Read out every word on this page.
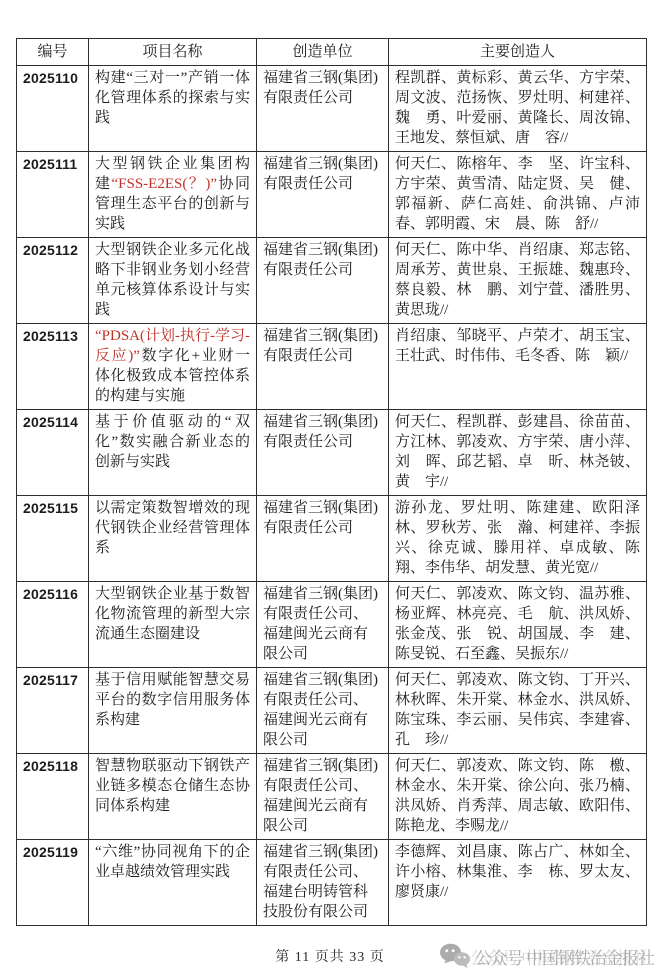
编号	项目名称	创造单位	主要创造人
2025110	构建“三对一”产销一体化管理体系的探索与实践	福建省三钢(集团)有限责任公司	程凯群、黄标彩、黄云华、方宇荣、周文波、范扬恢、罗灶明、柯建祥、魏　勇、叶爱丽、黄隆长、周汝锦、王地发、蔡恒斌、唐　容//
2025111	大型钢铁企业集团构建“FSS-E2ES(？)”协同管理生态平台的创新与实践	福建省三钢(集团)有限责任公司	何天仁、陈榕年、李　坚、许宝科、方宇荣、黄雪清、陆定贤、吴　健、郭福新、萨仁高娃、俞洪锦、卢沛春、郭明霞、宋　晨、陈　舒//
2025112	大型钢铁企业多元化战略下非钢业务划小经营单元核算体系设计与实践	福建省三钢(集团)有限责任公司	何天仁、陈中华、肖绍康、郑志铭、周承芳、黄世泉、王振雄、魏惠玲、蔡良毅、林　鹏、刘宁萱、潘胜男、黄思珑//
2025113	“PDSA(计划-执行-学习-反应)”数字化+业财一体化极致成本管控体系的构建与实施	福建省三钢(集团)有限责任公司	肖绍康、邹晓平、卢荣才、胡玉宝、王壮武、时伟伟、毛冬香、陈　颖//
2025114	基于价值驱动的“双化”数实融合新业态的创新与实践	福建省三钢(集团)有限责任公司	何天仁、程凯群、彭建昌、徐苗苗、方江林、郭凌欢、方宇荣、唐小萍、刘　晖、邱艺韬、卓　昕、林尧铍、黄　宇//
2025115	以需定策数智增效的现代钢铁企业经营管理体系	福建省三钢(集团)有限责任公司	游孙龙、罗灶明、陈建建、欧阳泽林、罗秋芳、张　瀚、柯建祥、李振兴、徐克诚、滕用祥、卓成敏、陈　翔、李伟华、胡发慧、黄光宽//
2025116	大型钢铁企业基于数智化物流管理的新型大宗流通生态圈建设	福建省三钢(集团)有限责任公司、福建闽光云商有限公司	何天仁、郭凌欢、陈文钧、温苏雅、杨亚辉、林亮亮、毛　航、洪凤娇、张金茂、张　锐、胡国晟、李　建、陈旻锐、石至鑫、吴振东//
2025117	基于信用赋能智慧交易平台的数字信用服务体系构建	福建省三钢(集团)有限责任公司、福建闽光云商有限公司	何天仁、郭凌欢、陈文钧、丁开兴、林秋晖、朱开棠、林金水、洪凤娇、陈宝珠、李云丽、吴伟宾、李建睿、孔　珍//
2025118	智慧物联驱动下钢铁产业链多模态仓储生态协同体系构建	福建省三钢(集团)有限责任公司、福建闽光云商有限公司	何天仁、郭凌欢、陈文钧、陈　檄、林金水、朱开棠、徐公向、张乃楠、洪凤娇、肖秀萍、周志敏、欧阳伟、陈艳龙、李赐龙//
2025119	“六维”协同视角下的企业卓越绩效管理实践	福建省三钢(集团)有限责任公司、福建台明铸管科技股份有限公司	李德辉、刘昌康、陈占广、林如全、许小榕、林集淮、李　栋、罗太友、廖贤康//
第 11 页共 33 页	公众号 中国钢铁冶金报社
